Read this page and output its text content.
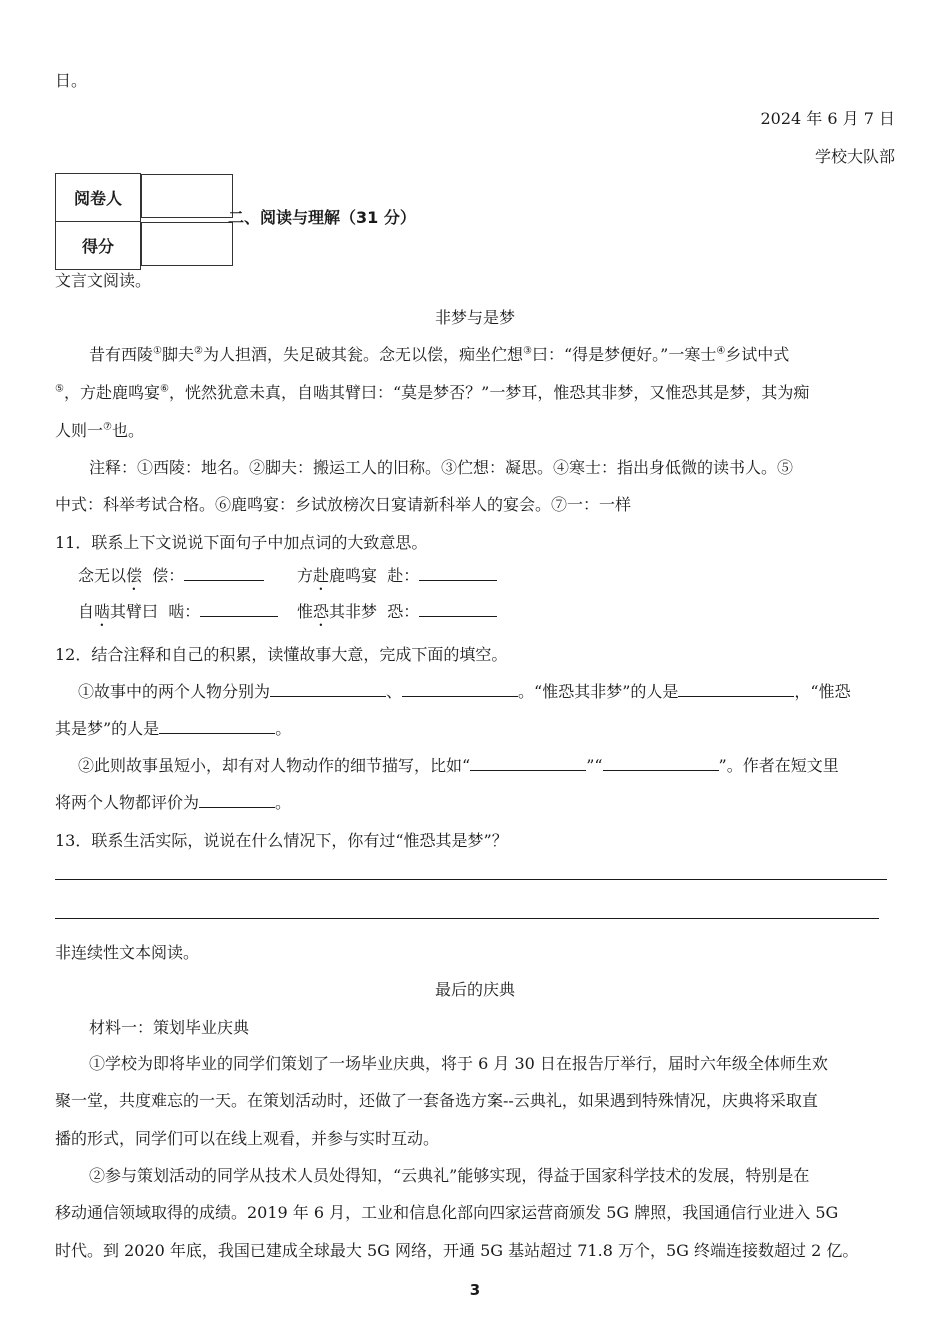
日。
2024 年 6 月 7 日
学校大队部
阅卷人	
得分	
二、阅读与理解（31 分）
文言文阅读。
非梦与是梦
昔有西陵①脚夫②为人担酒，失足破其瓮。念无以偿，痴坐伫想③曰：“得是梦便好。”一寒士④乡试中式
⑤，方赴鹿鸣宴⑥，恍然犹意未真，自啮其臂曰：“莫是梦否？”一梦耳，惟恐其非梦，又惟恐其是梦，其为痴
人则一⑦也。
注释：①西陵：地名。②脚夫：搬运工人的旧称。③伫想：凝思。④寒士：指出身低微的读书人。⑤
中式：科举考试合格。⑥鹿鸣宴：乡试放榜次日宴请新科举人的宴会。⑦一：一样
11．联系上下文说说下面句子中加点词的大致意思。
念无以偿 偿：	方赴鹿鸣宴 赴：
自啮其臂曰 啮：	惟恐其非梦 恐：
12．结合注释和自己的积累，读懂故事大意，完成下面的填空。
①故事中的两个人物分别为	、	。“惟恐其非梦”的人是	，“惟恐
其是梦”的人是	。
②此则故事虽短小，却有对人物动作的细节描写，比如“	”“	”。作者在短文里
将两个人物都评价为	。
13．联系生活实际，说说在什么情况下，你有过“惟恐其是梦”？
非连续性文本阅读。
最后的庆典
材料一：策划毕业庆典
①学校为即将毕业的同学们策划了一场毕业庆典，将于 6 月 30 日在报告厅举行，届时六年级全体师生欢
聚一堂，共度难忘的一天。在策划活动时，还做了一套备选方案--云典礼，如果遇到特殊情况，庆典将采取直
播的形式，同学们可以在线上观看，并参与实时互动。
②参与策划活动的同学从技术人员处得知，“云典礼”能够实现，得益于国家科学技术的发展，特别是在
移动通信领域取得的成绩。2019 年 6 月，工业和信息化部向四家运营商颁发 5G 牌照，我国通信行业进入 5G
时代。到 2020 年底，我国已建成全球最大 5G 网络，开通 5G 基站超过 71.8 万个，5G 终端连接数超过 2 亿。
3
